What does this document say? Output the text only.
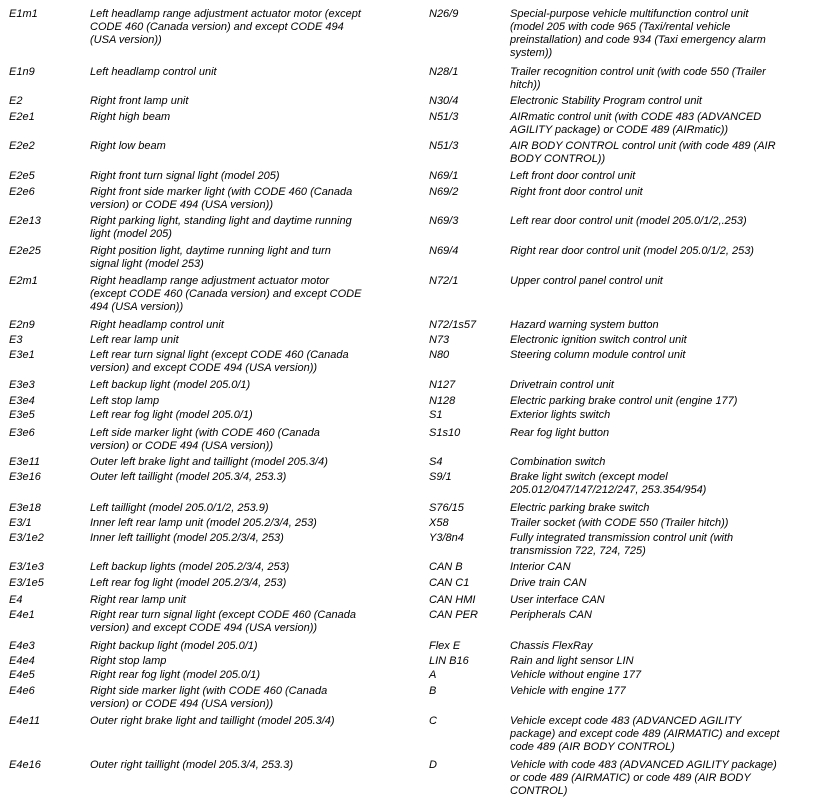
E1m1	Left headlamp range adjustment actuator motor (except
CODE 460 (Canada version) and except CODE 494
(USA version))
E1n9	Left headlamp control unit
E2	Right front lamp unit
E2e1	Right high beam
E2e2	Right low beam
E2e5	Right front turn signal light (model 205)
E2e6	Right front side marker light (with CODE 460 (Canada
version) or CODE 494 (USA version))
E2e13	Right parking light, standing light and daytime running
light (model 205)
E2e25	Right position light, daytime running light and turn
signal light (model 253)
E2m1	Right headlamp range adjustment actuator motor
(except CODE 460 (Canada version) and except CODE
494 (USA version))
E2n9	Right headlamp control unit
E3	Left rear lamp unit
E3e1	Left rear turn signal light (except CODE 460 (Canada
version) and except CODE 494 (USA version))
E3e3	Left backup light (model 205.0/1)
E3e4	Left stop lamp
E3e5	Left rear fog light (model 205.0/1)
E3e6	Left side marker light (with CODE 460 (Canada
version) or CODE 494 (USA version))
E3e11	Outer left brake light and taillight (model 205.3/4)
E3e16	Outer left taillight (model 205.3/4, 253.3)
E3e18	Left taillight (model 205.0/1/2, 253.9)
E3/1	Inner left rear lamp unit (model 205.2/3/4, 253)
E3/1e2	Inner left taillight (model 205.2/3/4, 253)
E3/1e3	Left backup lights (model 205.2/3/4, 253)
E3/1e5	Left rear fog light (model 205.2/3/4, 253)
E4	Right rear lamp unit
E4e1	Right rear turn signal light (except CODE 460 (Canada
version) and except CODE 494 (USA version))
E4e3	Right backup light (model 205.0/1)
E4e4	Right stop lamp
E4e5	Right rear fog light (model 205.0/1)
E4e6	Right side marker light (with CODE 460 (Canada
version) or CODE 494 (USA version))
E4e11	Outer right brake light and taillight (model 205.3/4)
E4e16	Outer right taillight (model 205.3/4, 253.3)
N26/9	Special-purpose vehicle multifunction control unit
(model 205 with code 965 (Taxi/rental vehicle
preinstallation) and code 934 (Taxi emergency alarm
system))
N28/1	Trailer recognition control unit (with code 550 (Trailer
hitch))
N30/4	Electronic Stability Program control unit
N51/3	AIRmatic control unit (with CODE 483 (ADVANCED
AGILITY package) or CODE 489 (AIRmatic))
N51/3	AIR BODY CONTROL control unit (with code 489 (AIR
BODY CONTROL))
N69/1	Left front door control unit
N69/2	Right front door control unit
N69/3	Left rear door control unit (model 205.0/1/2,.253)
N69/4	Right rear door control unit (model 205.0/1/2, 253)
N72/1	Upper control panel control unit
N72/1s57	Hazard warning system button
N73	Electronic ignition switch control unit
N80	Steering column module control unit
N127	Drivetrain control unit
N128	Electric parking brake control unit (engine 177)
S1	Exterior lights switch
S1s10	Rear fog light button
S4	Combination switch
S9/1	Brake light switch (except model
205.012/047/147/212/247, 253.354/954)
S76/15	Electric parking brake switch
X58	Trailer socket (with CODE 550 (Trailer hitch))
Y3/8n4	Fully integrated transmission control unit (with
transmission 722, 724, 725)
CAN B	Interior CAN
CAN C1	Drive train CAN
CAN HMI	User interface CAN
CAN PER	Peripherals CAN
Flex E	Chassis FlexRay
LIN B16	Rain and light sensor LIN
A	Vehicle without engine 177
B	Vehicle with engine 177
C	Vehicle except code 483 (ADVANCED AGILITY
package) and except code 489 (AIRMATIC) and except
code 489 (AIR BODY CONTROL)
D	Vehicle with code 483 (ADVANCED AGILITY package)
or code 489 (AIRMATIC) or code 489 (AIR BODY
CONTROL)
